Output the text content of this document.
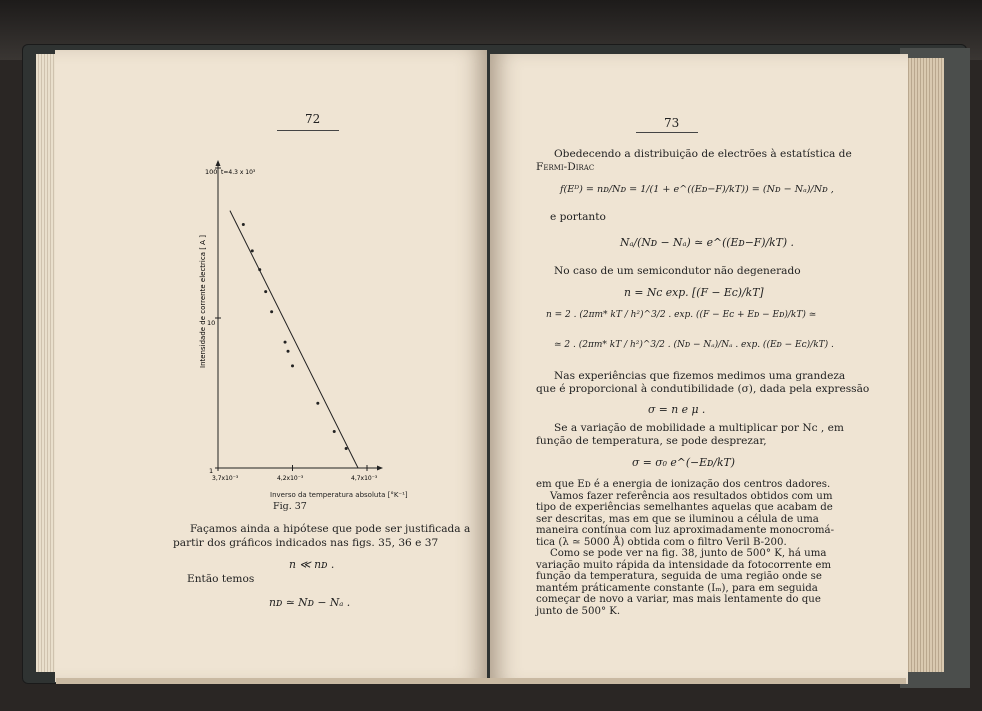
72
100 t=4.3 x 10³
10
1
Intensidade de corrente electrica [ A ]
3,7x10⁻³	4,2x10⁻³	4,7x10⁻³
Inverso da temperatura absoluta [°K⁻¹]
Fig. 37
Façamos ainda a hipótese que pode ser justificada a
partir dos gráficos indicados nas figs. 35, 36 e 37
n ≪ nᴅ .
Então temos
nᴅ ≃ Nᴅ − Nₐ .
73
Obedecendo a distribuição de electrões à estatística de
Fermi-Dirac
f(Eᴰ) = nᴅ/Nᴅ = 1/(1 + e^((Eᴅ−F)/kT)) = (Nᴅ − Nₐ)/Nᴅ ,
e portanto
Nₐ/(Nᴅ − Nₐ) ≃ e^((Eᴅ−F)/kT) .
No caso de um semicondutor não degenerado
n = Nᴄ exp. [(F − Eᴄ)/kT]
n = 2 . (2πm* kT / h²)^3/2 . exp. ((F − Eᴄ + Eᴅ − Eᴅ)/kT) ≃
≃ 2 . (2πm* kT / h²)^3/2 . (Nᴅ − Nₐ)/Nₐ . exp. ((Eᴅ − Eᴄ)/kT) .
Nas experiências que fizemos medimos uma grandeza
que é proporcional à condutibilidade (σ), dada pela expressão
σ = n e μ .
Se a variação de mobilidade a multiplicar por Nᴄ , em
função de temperatura, se pode desprezar,
σ = σ₀ e^(−Eᴅ/kT)
em que Eᴅ é a energia de ionização dos centros dadores.
Vamos fazer referência aos resultados obtidos com um
tipo de experiências semelhantes aquelas que acabam de
ser descritas, mas em que se iluminou a célula de uma
maneira contínua com luz aproximadamente monocromá-
tica (λ ≃ 5000 Å) obtida com o filtro Veril B-200.
Como se pode ver na fig. 38, junto de 500° K, há uma
variação muito rápida da intensidade da fotocorrente em
função da temperatura, seguida de uma região onde se
mantém práticamente constante (Iₘ), para em seguida
começar de novo a variar, mas mais lentamente do que
junto de 500° K.
